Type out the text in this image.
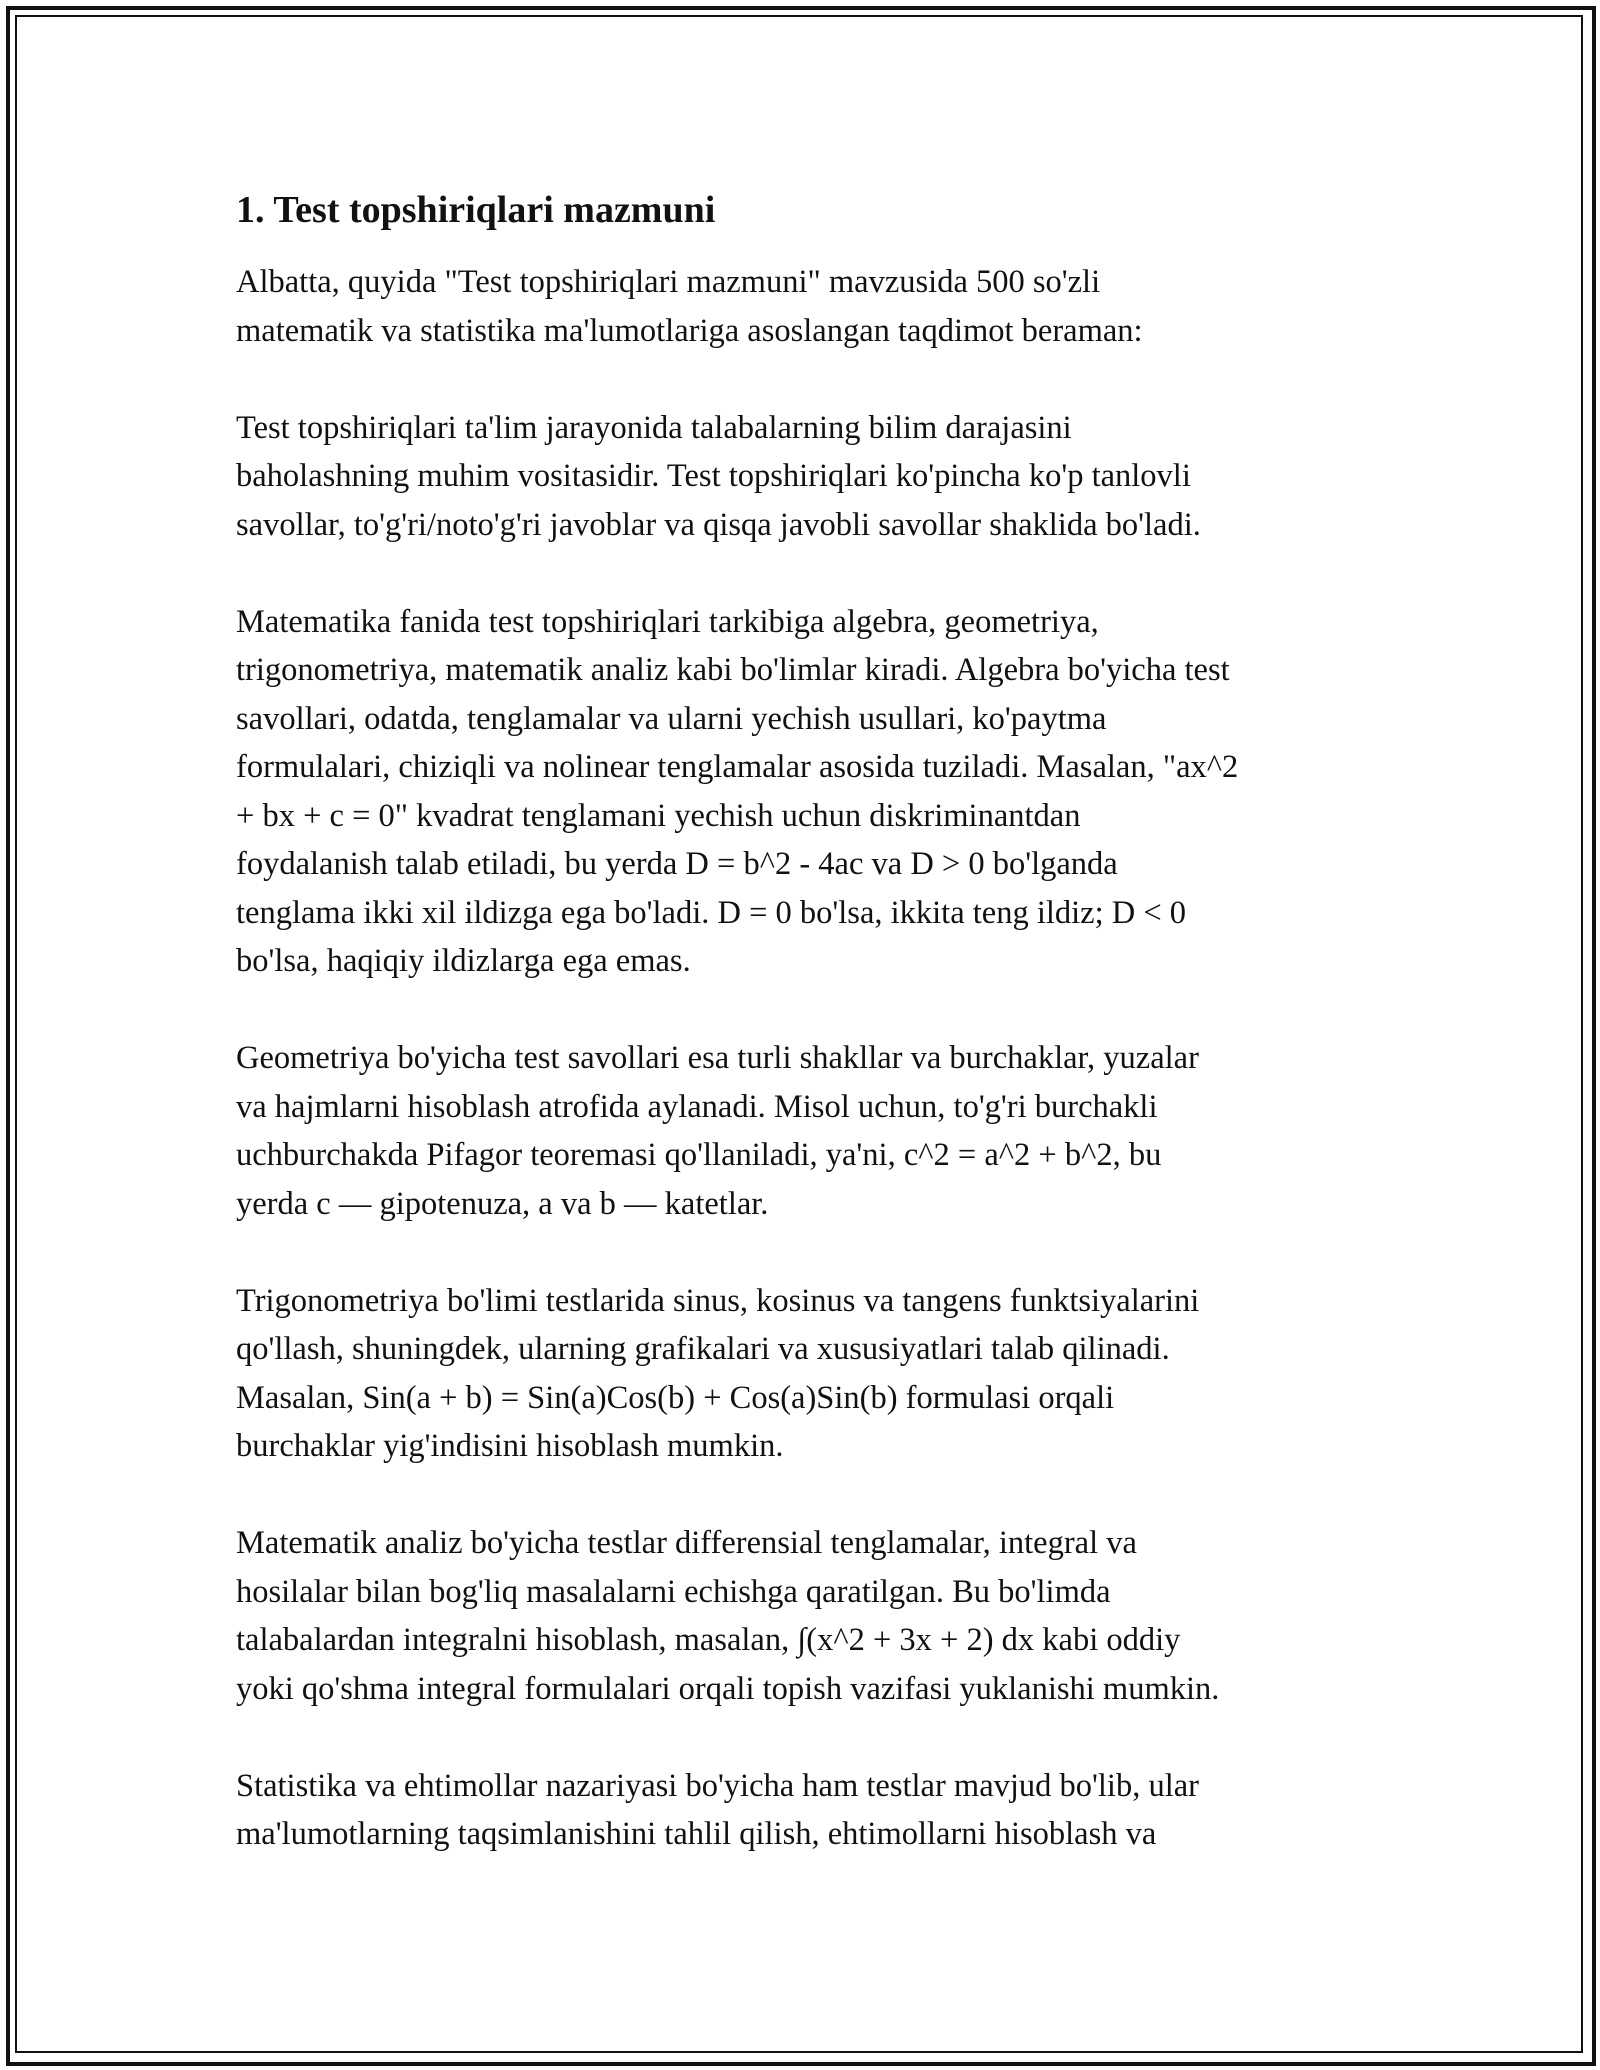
1. Test topshiriqlari mazmuni

Albatta, quyida "Test topshiriqlari mazmuni" mavzusida 500 so'zli
matematik va statistika ma'lumotlariga asoslangan taqdimot beraman:

Test topshiriqlari ta'lim jarayonida talabalarning bilim darajasini
baholashning muhim vositasidir. Test topshiriqlari ko'pincha ko'p tanlovli
savollar, to'g'ri/noto'g'ri javoblar va qisqa javobli savollar shaklida bo'ladi.

Matematika fanida test topshiriqlari tarkibiga algebra, geometriya,
trigonometriya, matematik analiz kabi bo'limlar kiradi. Algebra bo'yicha test
savollari, odatda, tenglamalar va ularni yechish usullari, ko'paytma
formulalari, chiziqli va nolinear tenglamalar asosida tuziladi. Masalan, "ax^2
+ bx + c = 0" kvadrat tenglamani yechish uchun diskriminantdan
foydalanish talab etiladi, bu yerda D = b^2 - 4ac va D > 0 bo'lganda
tenglama ikki xil ildizga ega bo'ladi. D = 0 bo'lsa, ikkita teng ildiz; D < 0
bo'lsa, haqiqiy ildizlarga ega emas.

Geometriya bo'yicha test savollari esa turli shakllar va burchaklar, yuzalar
va hajmlarni hisoblash atrofida aylanadi. Misol uchun, to'g'ri burchakli
uchburchakda Pifagor teoremasi qo'llaniladi, ya'ni, c^2 = a^2 + b^2, bu
yerda c — gipotenuza, a va b — katetlar.

Trigonometriya bo'limi testlarida sinus, kosinus va tangens funktsiyalarini
qo'llash, shuningdek, ularning grafikalari va xususiyatlari talab qilinadi.
Masalan, Sin(a + b) = Sin(a)Cos(b) + Cos(a)Sin(b) formulasi orqali
burchaklar yig'indisini hisoblash mumkin.

Matematik analiz bo'yicha testlar differensial tenglamalar, integral va
hosilalar bilan bog'liq masalalarni echishga qaratilgan. Bu bo'limda
talabalardan integralni hisoblash, masalan, ∫(x^2 + 3x + 2) dx kabi oddiy
yoki qo'shma integral formulalari orqali topish vazifasi yuklanishi mumkin.

Statistika va ehtimollar nazariyasi bo'yicha ham testlar mavjud bo'lib, ular
ma'lumotlarning taqsimlanishini tahlil qilish, ehtimollarni hisoblash va
